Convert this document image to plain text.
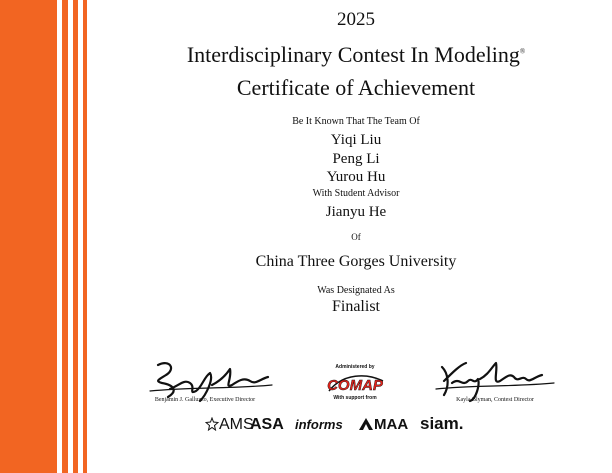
2025
Interdisciplinary Contest In Modeling®
Certificate of Achievement
Be It Known That The Team Of
Yiqi Liu
Peng Li
Yurou Hu
With Student Advisor
Jianyu He
Of
China Three Gorges University
Was Designated As
Finalist
Benjamin J. Galluzzo, Executive Director
Administered by
COMAP
With support from	Kayla Blyman, Contest Director
AMS
ASA informs	MAA siam.
